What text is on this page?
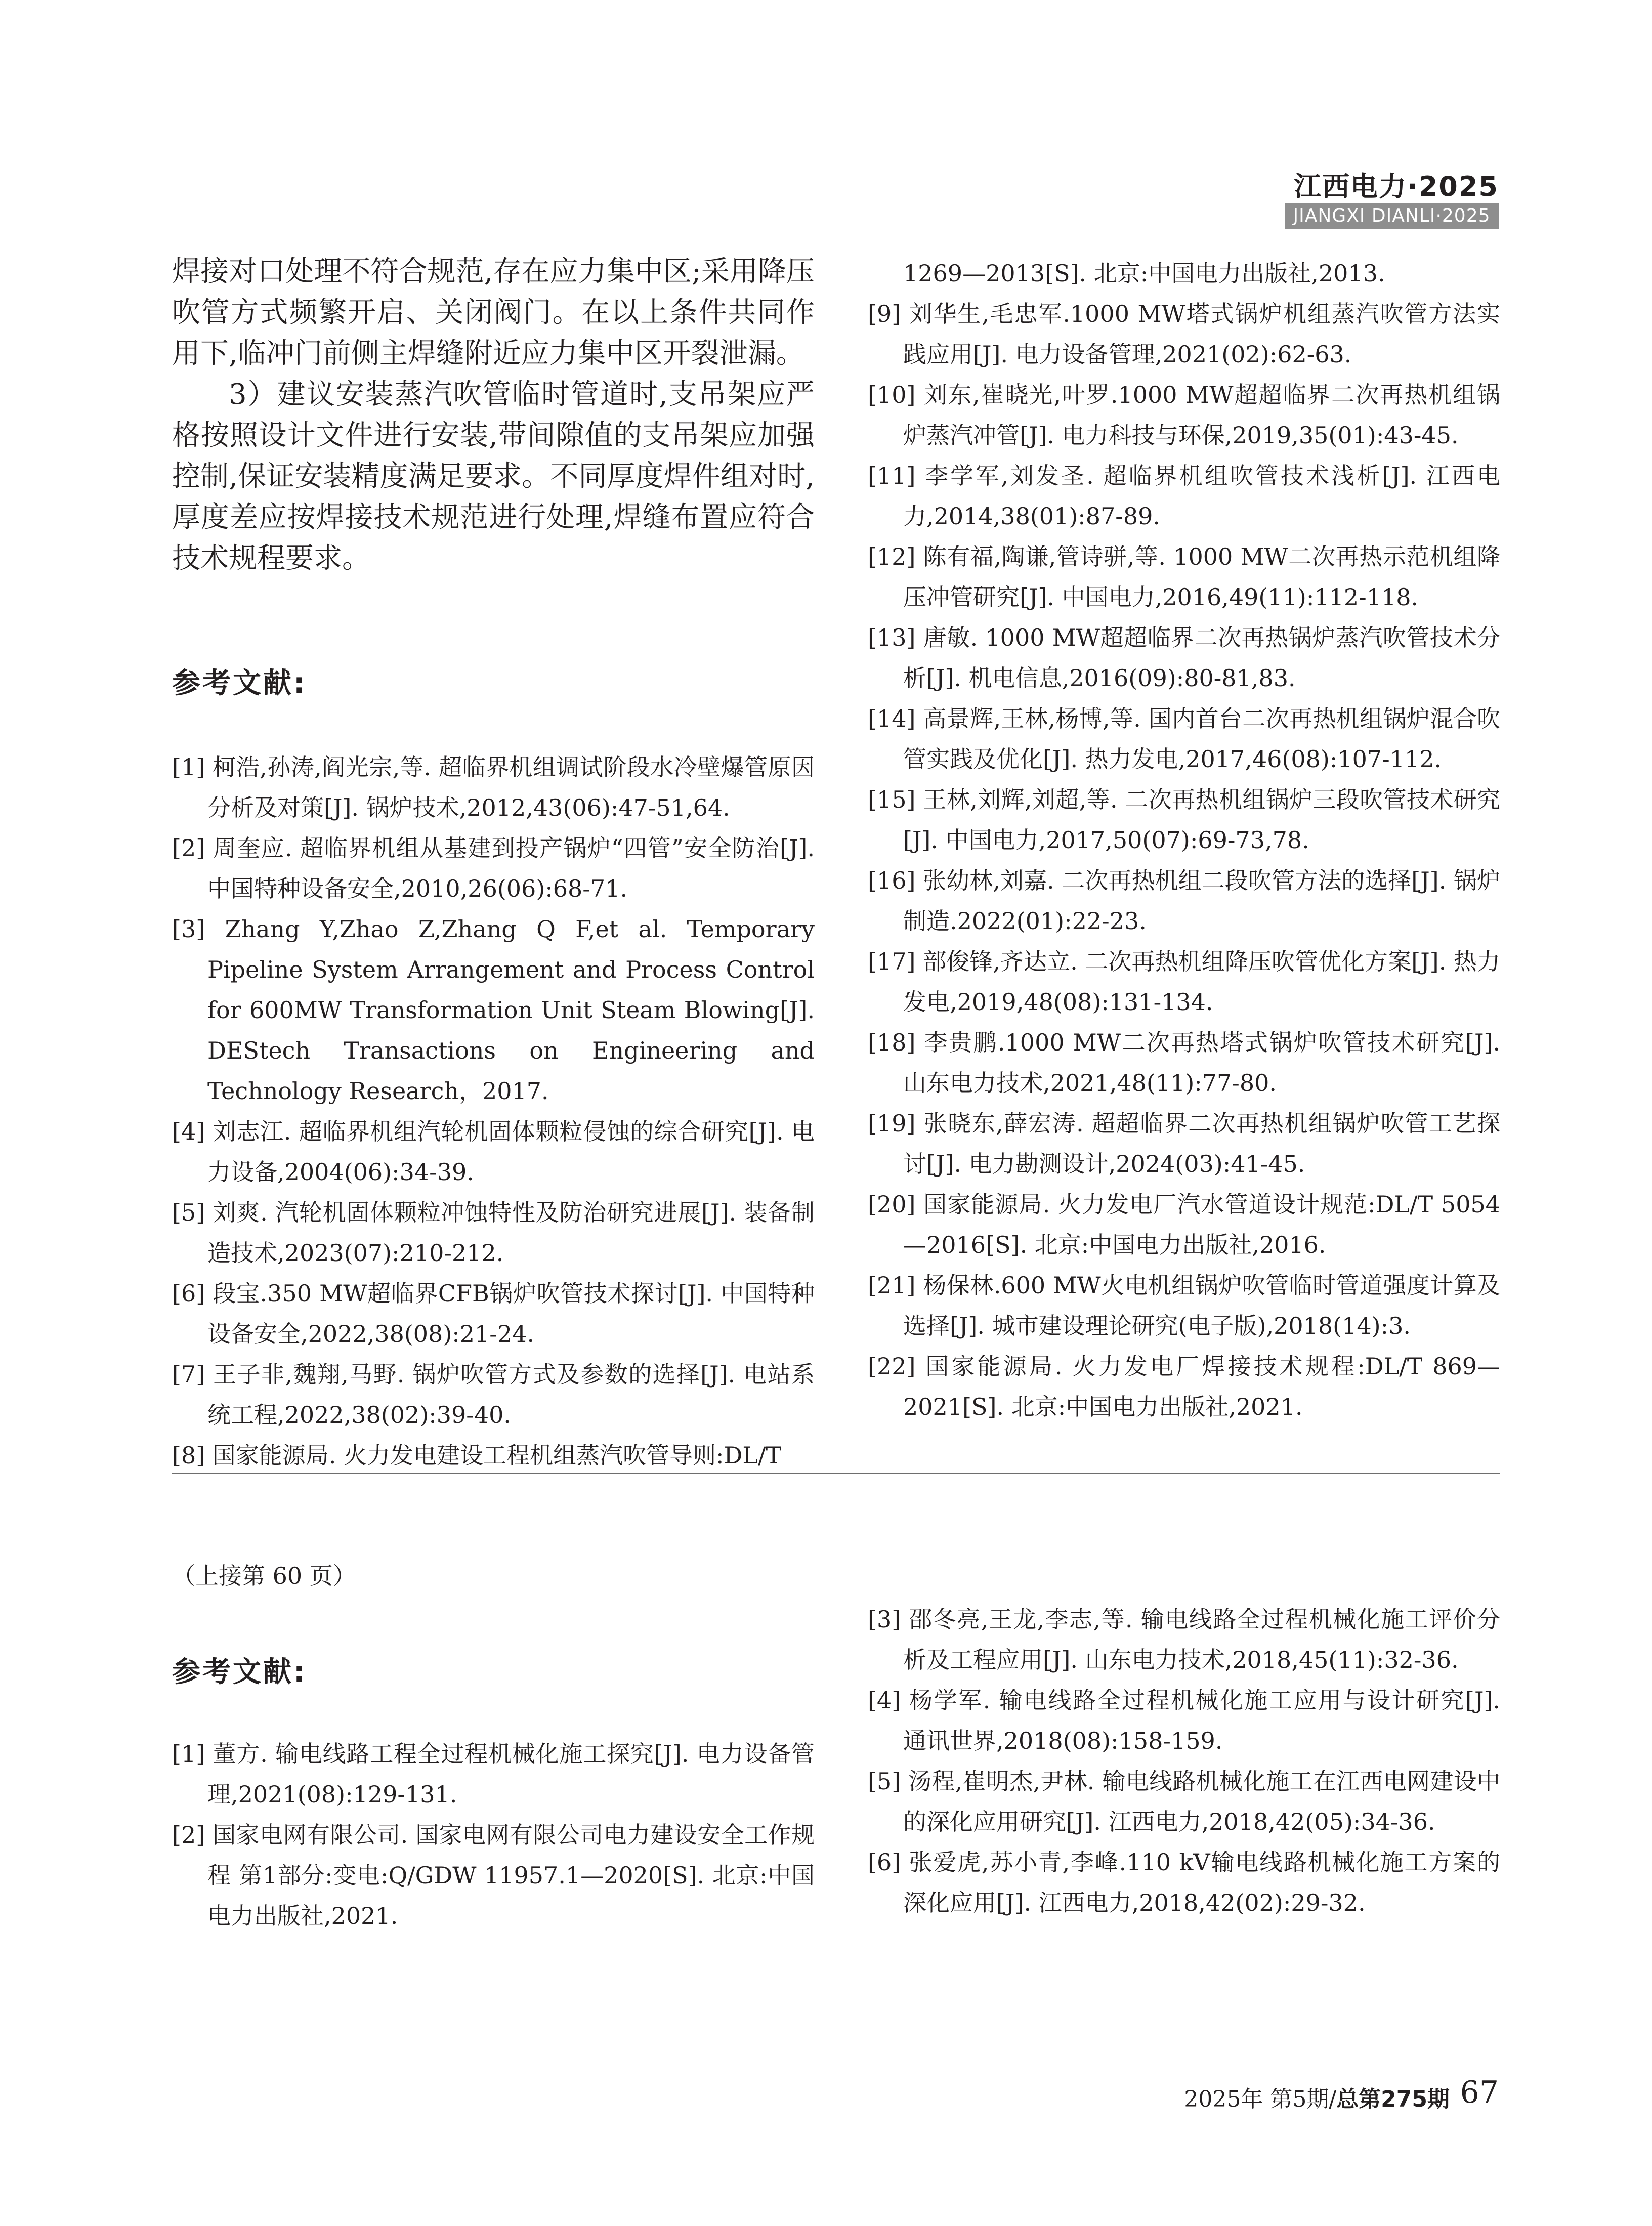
江西电力·2025
JIANGXI DIANLI·2025

焊接对口处理不符合规范,存在应力集中区;采用降压吹管方式频繁开启、关闭阀门。在以上条件共同作用下,临冲门前侧主焊缝附近应力集中区开裂泄漏。

3）建议安装蒸汽吹管临时管道时,支吊架应严格按照设计文件进行安装,带间隙值的支吊架应加强控制,保证安装精度满足要求。不同厚度焊件组对时,厚度差应按焊接技术规范进行处理,焊缝布置应符合技术规程要求。

参考文献:

[1] 柯浩,孙涛,阎光宗,等. 超临界机组调试阶段水冷壁爆管原因分析及对策[J]. 锅炉技术,2012,43(06):47-51,64.

[2] 周奎应. 超临界机组从基建到投产锅炉“四管”安全防治[J]. 中国特种设备安全,2010,26(06):68-71.

[3] Zhang Y,Zhao Z,Zhang Q F,et al. Temporary Pipeline System Arrangement and Process Control for 600MW Transformation Unit Steam Blowing[J]. DEStech Transactions on Engineering and Technology Research，2017.

[4] 刘志江. 超临界机组汽轮机固体颗粒侵蚀的综合研究[J]. 电力设备,2004(06):34-39.

[5] 刘爽. 汽轮机固体颗粒冲蚀特性及防治研究进展[J]. 装备制造技术,2023(07):210-212.

[6] 段宝.350 MW超临界CFB锅炉吹管技术探讨[J]. 中国特种设备安全,2022,38(08):21-24.

[7] 王子非,魏翔,马野. 锅炉吹管方式及参数的选择[J]. 电站系统工程,2022,38(02):39-40.

[8] 国家能源局. 火力发电建设工程机组蒸汽吹管导则:DL/T

1269—2013[S]. 北京:中国电力出版社,2013.

[9] 刘华生,毛忠军.1000 MW塔式锅炉机组蒸汽吹管方法实践应用[J]. 电力设备管理,2021(02):62-63.

[10] 刘东,崔晓光,叶罗.1000 MW超超临界二次再热机组锅炉蒸汽冲管[J]. 电力科技与环保,2019,35(01):43-45.

[11] 李学军,刘发圣. 超临界机组吹管技术浅析[J]. 江西电力,2014,38(01):87-89.

[12] 陈有福,陶谦,管诗骈,等. 1000 MW二次再热示范机组降压冲管研究[J]. 中国电力,2016,49(11):112-118.

[13] 唐敏. 1000 MW超超临界二次再热锅炉蒸汽吹管技术分析[J]. 机电信息,2016(09):80-81,83.

[14] 高景辉,王林,杨博,等. 国内首台二次再热机组锅炉混合吹管实践及优化[J]. 热力发电,2017,46(08):107-112.

[15] 王林,刘辉,刘超,等. 二次再热机组锅炉三段吹管技术研究[J]. 中国电力,2017,50(07):69-73,78.

[16] 张幼林,刘嘉. 二次再热机组二段吹管方法的选择[J]. 锅炉制造.2022(01):22-23.

[17] 部俊锋,齐达立. 二次再热机组降压吹管优化方案[J]. 热力发电,2019,48(08):131-134.

[18] 李贵鹏.1000 MW二次再热塔式锅炉吹管技术研究[J]. 山东电力技术,2021,48(11):77-80.

[19] 张晓东,薛宏涛. 超超临界二次再热机组锅炉吹管工艺探讨[J]. 电力勘测设计,2024(03):41-45.

[20] 国家能源局. 火力发电厂汽水管道设计规范:DL/T 5054—2016[S]. 北京:中国电力出版社,2016.

[21] 杨保林.600 MW火电机组锅炉吹管临时管道强度计算及选择[J]. 城市建设理论研究(电子版),2018(14):3.

[22] 国家能源局. 火力发电厂焊接技术规程:DL/T 869—2021[S]. 北京:中国电力出版社,2021.

（上接第 60 页）
参考文献:

[1] 董方. 输电线路工程全过程机械化施工探究[J]. 电力设备管理,2021(08):129-131.

[2] 国家电网有限公司. 国家电网有限公司电力建设安全工作规程 第1部分:变电:Q/GDW 11957.1—2020[S]. 北京:中国电力出版社,2021.

[3] 邵冬亮,王龙,李志,等. 输电线路全过程机械化施工评价分析及工程应用[J]. 山东电力技术,2018,45(11):32-36.

[4] 杨学军. 输电线路全过程机械化施工应用与设计研究[J]. 通讯世界,2018(08):158-159.

[5] 汤程,崔明杰,尹林. 输电线路机械化施工在江西电网建设中的深化应用研究[J]. 江西电力,2018,42(05):34-36.

[6] 张爱虎,苏小青,李峰.110 kV输电线路机械化施工方案的深化应用[J]. 江西电力,2018,42(02):29-32.

2025年 第5期/总第275期 67
